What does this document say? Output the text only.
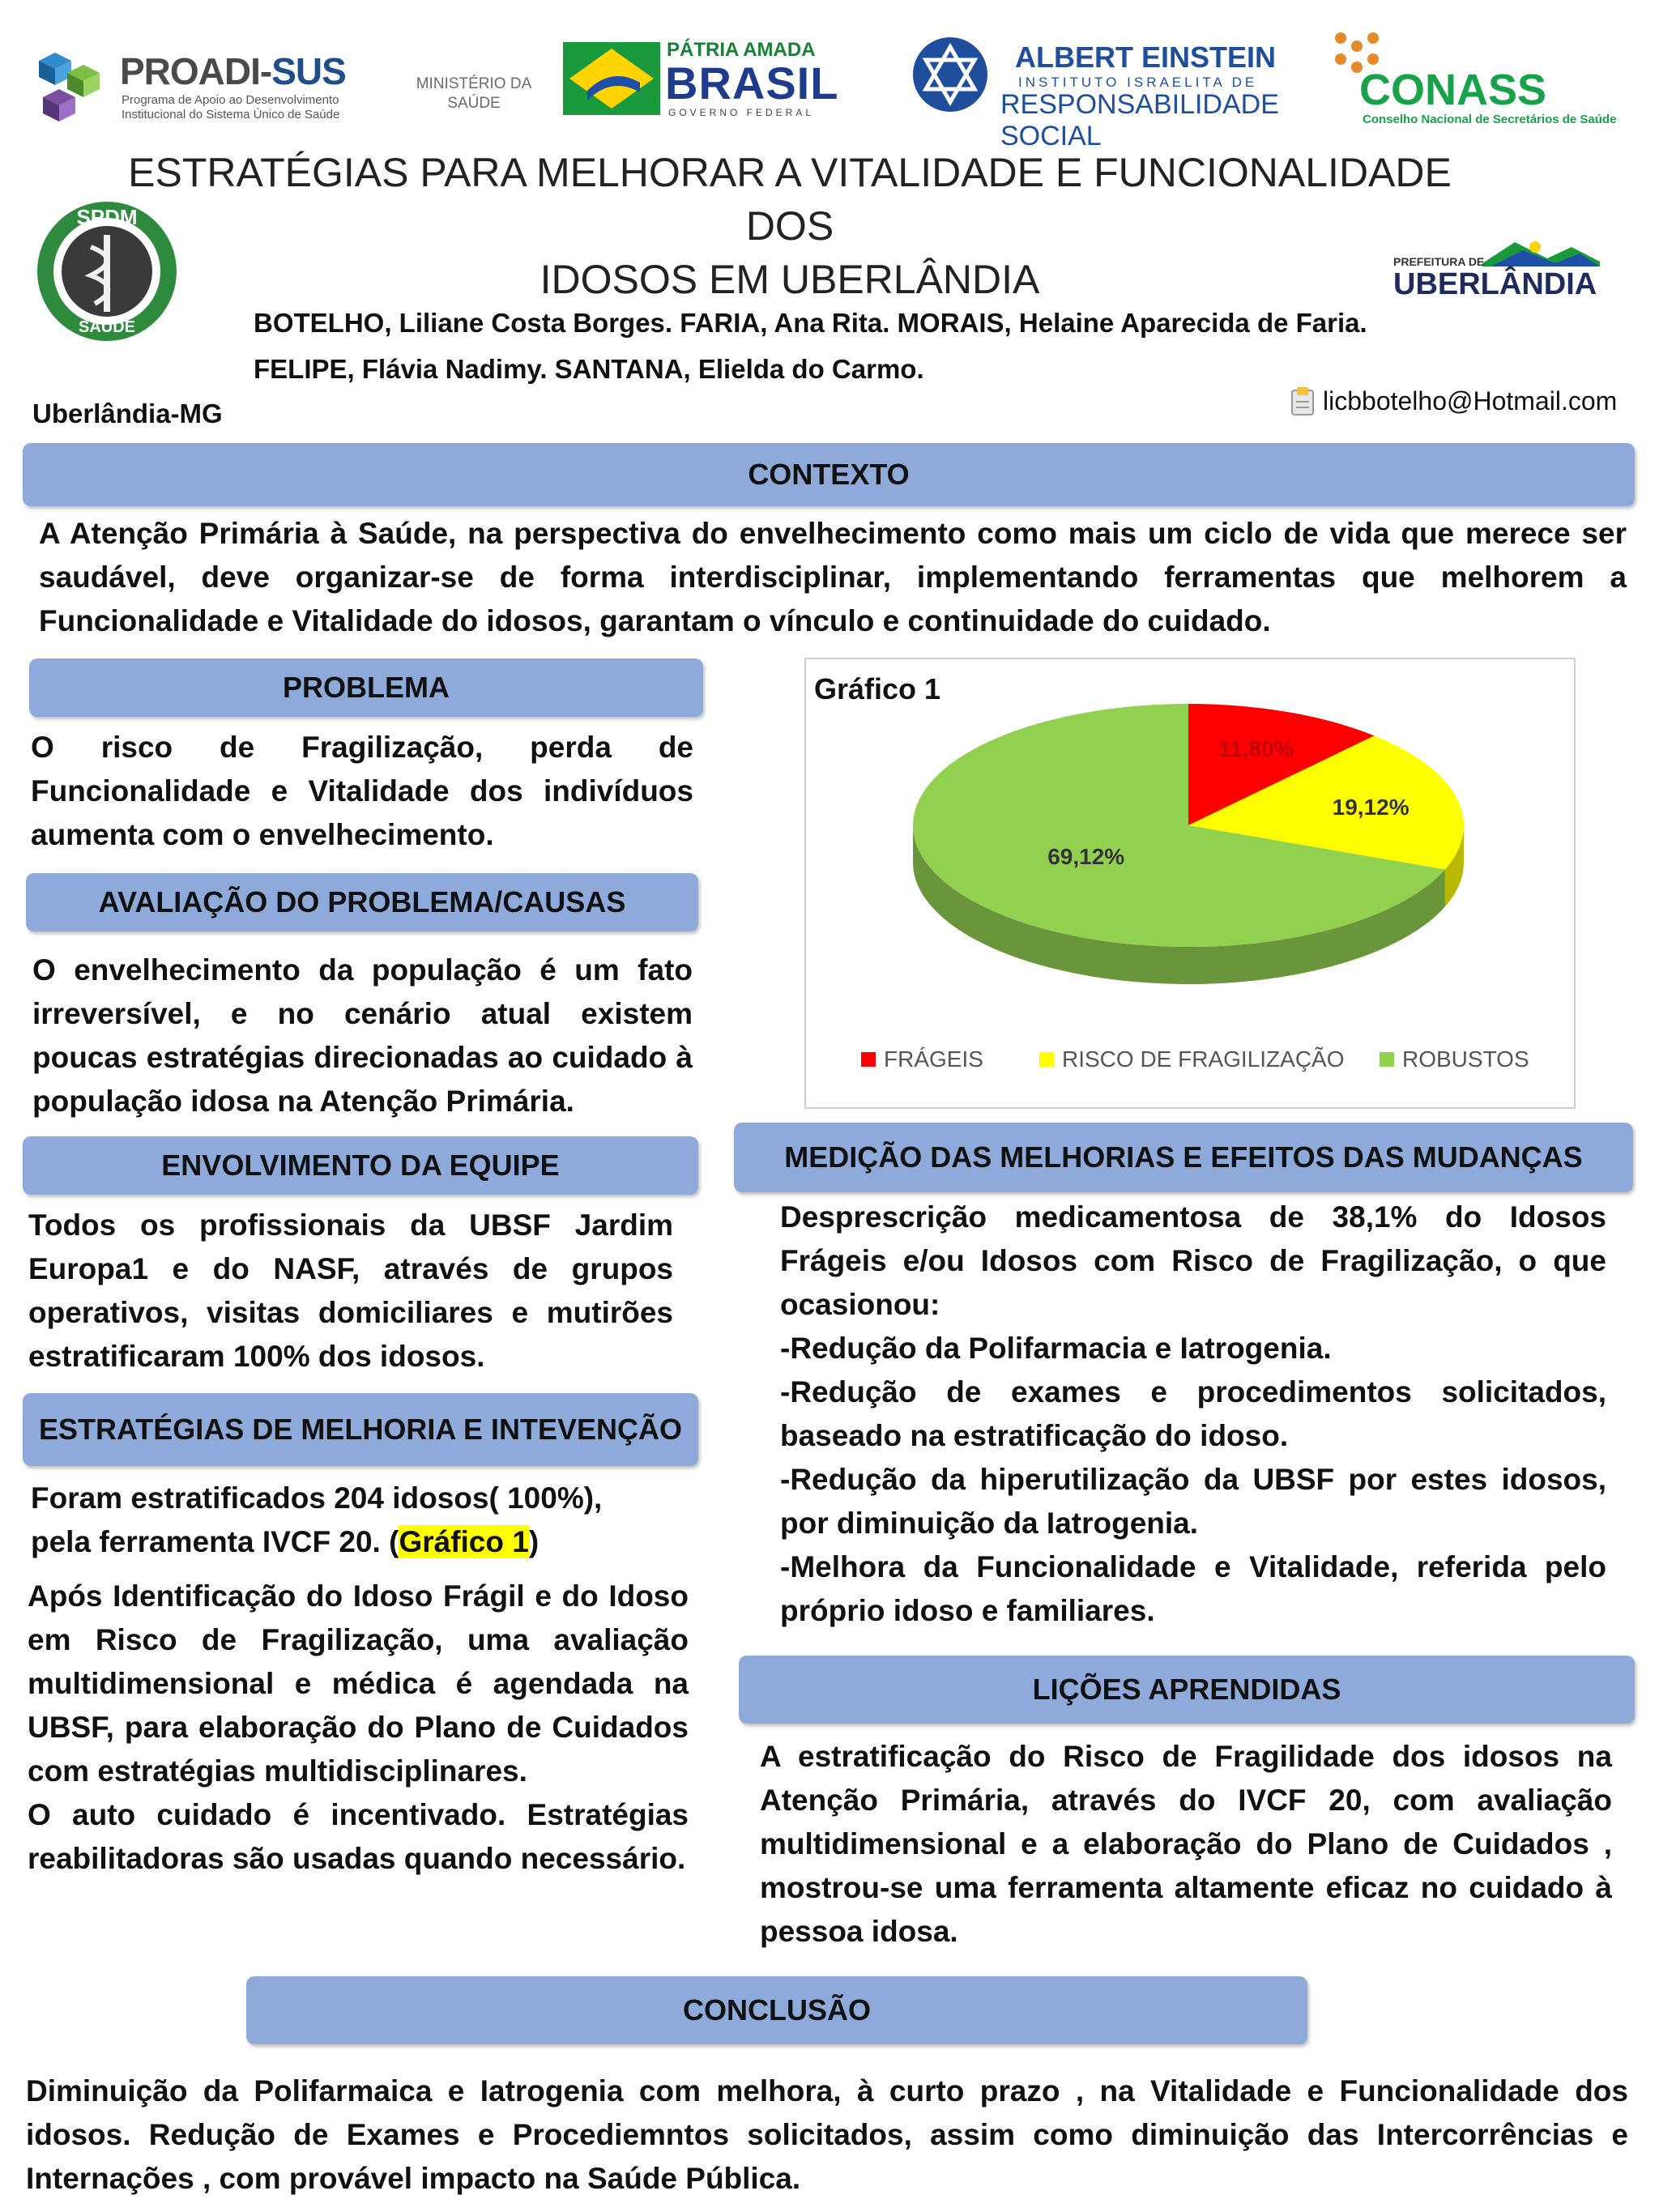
PROADI-SUS
Programa de Apoio ao Desenvolvimento
Institucional do Sistema Único de Saúde
MINISTÉRIO DA
SAÚDE
PÁTRIA AMADA
BRASIL
GOVERNO FEDERAL
ALBERT EINSTEIN
INSTITUTO ISRAELITA DE
RESPONSABILIDADE SOCIAL
CONASS
Conselho Nacional de Secretários de Saúde
SPDM
SAÚDE
PREFEITURA DE
UBERLÂNDIA
ESTRATÉGIAS PARA MELHORAR A VITALIDADE E FUNCIONALIDADE DOS
IDOSOS EM UBERLÂNDIA
BOTELHO, Liliane Costa Borges. FARIA, Ana Rita. MORAIS, Helaine Aparecida de Faria.
FELIPE, Flávia Nadimy. SANTANA, Elielda do Carmo.
Uberlândia-MG	licbbotelho@Hotmail.com
CONTEXTO
A Atenção Primária à Saúde, na perspectiva do envelhecimento como mais um ciclo de vida que merece ser saudável, deve organizar-se de forma interdisciplinar, implementando ferramentas que melhorem a Funcionalidade e Vitalidade do idosos, garantam o vínculo e continuidade do cuidado.
PROBLEMA
O risco de Fragilização, perda de Funcionalidade e Vitalidade dos indivíduos aumenta com o envelhecimento.
AVALIAÇÃO DO PROBLEMA/CAUSAS
O envelhecimento da população é um fato irreversível, e no cenário atual existem poucas estratégias direcionadas ao cuidado à população idosa na Atenção Primária.
ENVOLVIMENTO DA EQUIPE
Todos os profissionais da UBSF Jardim Europa1 e do NASF, através de grupos operativos, visitas domiciliares e mutirões estratificaram 100% dos idosos.
ESTRATÉGIAS DE MELHORIA E INTEVENÇÃO

Foram estratificados 204 idosos( 100%),

pela ferramenta IVCF 20. (Gráfico 1)

Após Identificação do Idoso Frágil e do Idoso em Risco de Fragilização, uma avaliação multidimensional e médica é agendada na UBSF, para elaboração do Plano de Cuidados com estratégias multidisciplinares.

O auto cuidado é incentivado. Estratégias reabilitadoras são usadas quando necessário.

Gráfico 1
11,80%
19,12%
69,12%
FRÁGEIS	RISCO DE FRAGILIZAÇÃO	ROBUSTOS
MEDIÇÃO DAS MELHORIAS E EFEITOS DAS MUDANÇAS

Desprescrição medicamentosa de 38,1% do Idosos Frágeis e/ou Idosos com Risco de Fragilização, o que ocasionou:

-Redução da Polifarmacia e Iatrogenia.

-Redução de exames e procedimentos solicitados, baseado na estratificação do idoso.

-Redução da hiperutilização da UBSF por estes idosos, por diminuição da Iatrogenia.

-Melhora da Funcionalidade e Vitalidade, referida pelo próprio idoso e familiares.

LIÇÕES APRENDIDAS
A estratificação do Risco de Fragilidade dos idosos na Atenção Primária, através do IVCF 20, com avaliação multidimensional e a elaboração do Plano de Cuidados , mostrou-se uma ferramenta altamente eficaz no cuidado à pessoa idosa.
CONCLUSÃO
Diminuição da Polifarmaica e Iatrogenia com melhora, à curto prazo , na Vitalidade e Funcionalidade dos idosos. Redução de Exames e Procediemntos solicitados, assim como diminuição das Intercorrências e Internações , com provável impacto na Saúde Pública.
